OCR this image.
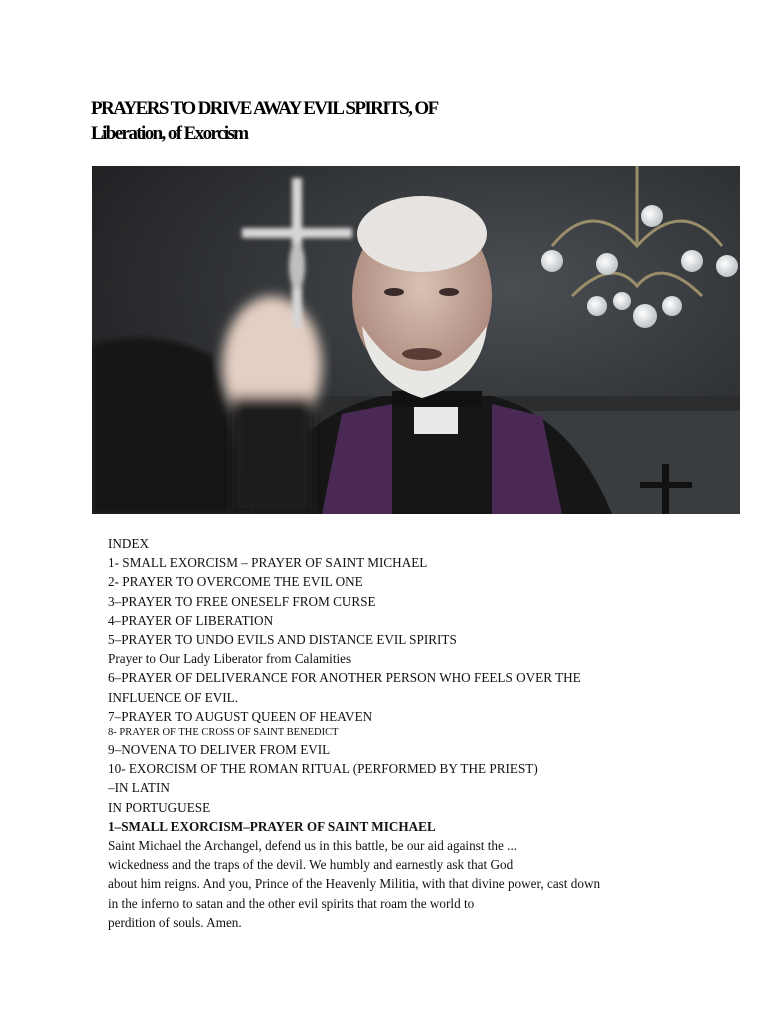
PRAYERS TO DRIVE AWAY EVIL SPIRITS, OF
Liberation, of Exorcism
INDEX
1- SMALL EXORCISM – PRAYER OF SAINT MICHAEL
2- PRAYER TO OVERCOME THE EVIL ONE
3–PRAYER TO FREE ONESELF FROM CURSE
4–PRAYER OF LIBERATION
5–PRAYER TO UNDO EVILS AND DISTANCE EVIL SPIRITS
Prayer to Our Lady Liberator from Calamities
6–PRAYER OF DELIVERANCE FOR ANOTHER PERSON WHO FEELS OVER THE
INFLUENCE OF EVIL.
7–PRAYER TO AUGUST QUEEN OF HEAVEN
8- PRAYER OF THE CROSS OF SAINT BENEDICT
9–NOVENA TO DELIVER FROM EVIL
10- EXORCISM OF THE ROMAN RITUAL (PERFORMED BY THE PRIEST)
–IN LATIN
IN PORTUGUESE
1–SMALL EXORCISM–PRAYER OF SAINT MICHAEL
Saint Michael the Archangel, defend us in this battle, be our aid against the ...
wickedness and the traps of the devil. We humbly and earnestly ask that God
about him reigns. And you, Prince of the Heavenly Militia, with that divine power, cast down
in the inferno to satan and the other evil spirits that roam the world to
perdition of souls. Amen.
